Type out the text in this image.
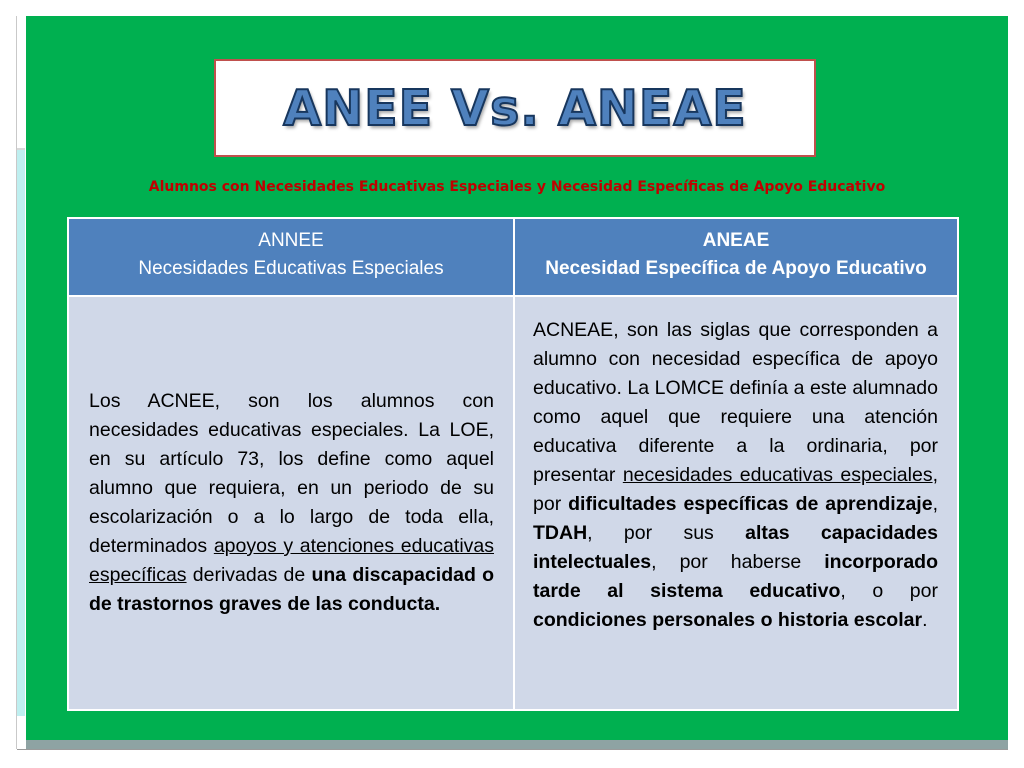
ANEE Vs. ANEAE
Alumnos con Necesidades Educativas Especiales y Necesidad Específicas de Apoyo Educativo
ANNEE
Necesidades Educativas Especiales
ANEAE
Necesidad Específica de Apoyo Educativo

Los ACNEE, son los alumnos con necesidades educativas especiales. La LOE, en su artículo 73, los define como aquel alumno que requiera, en un periodo de su escolarización o a lo largo de toda ella, determinados apoyos y atenciones educativas específicas derivadas de una discapacidad o de trastornos graves de las conducta.

ACNEAE, son las siglas que corresponden a alumno con necesidad específica de apoyo educativo. La LOMCE definía a este alumnado como aquel que requiere una atención educativa diferente a la ordinaria, por presentar necesidades educativas especiales, por dificultades específicas de aprendizaje, TDAH, por sus altas capacidades intelectuales, por haberse incorporado tarde al sistema educativo, o por condiciones personales o historia escolar.
